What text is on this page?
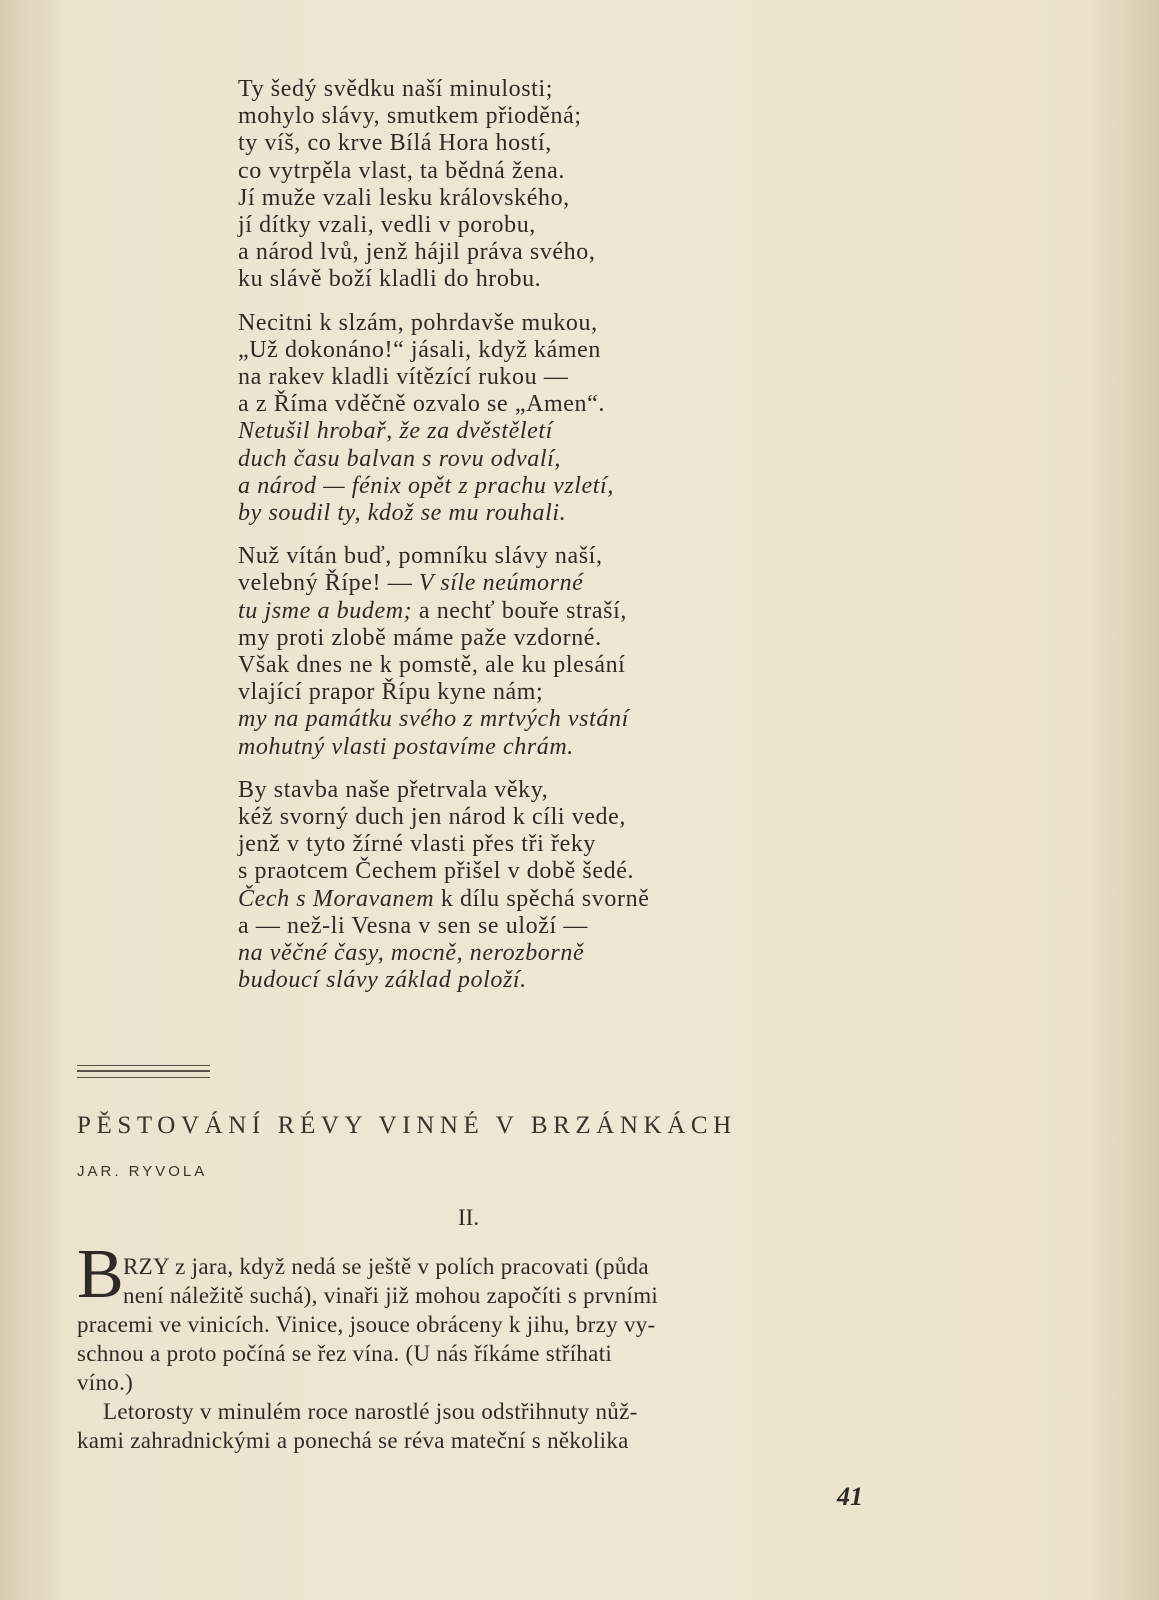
Ty šedý svědku naší minulosti;
mohylo slávy, smutkem přioděná;
ty víš, co krve Bílá Hora hostí,
co vytrpěla vlast, ta bědná žena.
Jí muže vzali lesku královského,
jí dítky vzali, vedli v porobu,
a národ lvů, jenž hájil práva svého,
ku slávě boží kladli do hrobu.
Necitni k slzám, pohrdavše mukou,
„Už dokonáno!“ jásali, když kámen
na rakev kladli vítězící rukou —
a z Říma vděčně ozvalo se „Amen“.
Netušil hrobař, že za dvěstěletí
duch času balvan s rovu odvalí,
a národ — fénix opět z prachu vzletí,
by soudil ty, kdož se mu rouhali.
Nuž vítán buď, pomníku slávy naší,
velebný Řípe! — V síle neúmorné
tu jsme a budem; a nechť bouře straší,
my proti zlobě máme paže vzdorné.
Však dnes ne k pomstě, ale ku plesání
vlající prapor Řípu kyne nám;
my na památku svého z mrtvých vstání
mohutný vlasti postavíme chrám.
By stavba naše přetrvala věky,
kéž svorný duch jen národ k cíli vede,
jenž v tyto žírné vlasti přes tři řeky
s praotcem Čechem přišel v době šedé.
Čech s Moravanem k dílu spěchá svorně
a — než-li Vesna v sen se uloží —
na věčné časy, mocně, nerozborně
budoucí slávy základ položí.
PĚSTOVÁNÍ RÉVY VINNÉ V BRZÁNKÁCH
JAR. RYVOLA
II.
B RZY z jara, když nedá se ještě v polích pracovati (půda
není náležitě suchá), vinaři již mohou započíti s prvními
pracemi ve vinicích. Vinice, jsouce obráceny k jihu, brzy vy-
schnou a proto počíná se řez vína. (U nás říkáme stříhati
víno.)
Letorosty v minulém roce narostlé jsou odstřihnuty nůž-
kami zahradnickými a ponechá se réva mateční s několika
41
